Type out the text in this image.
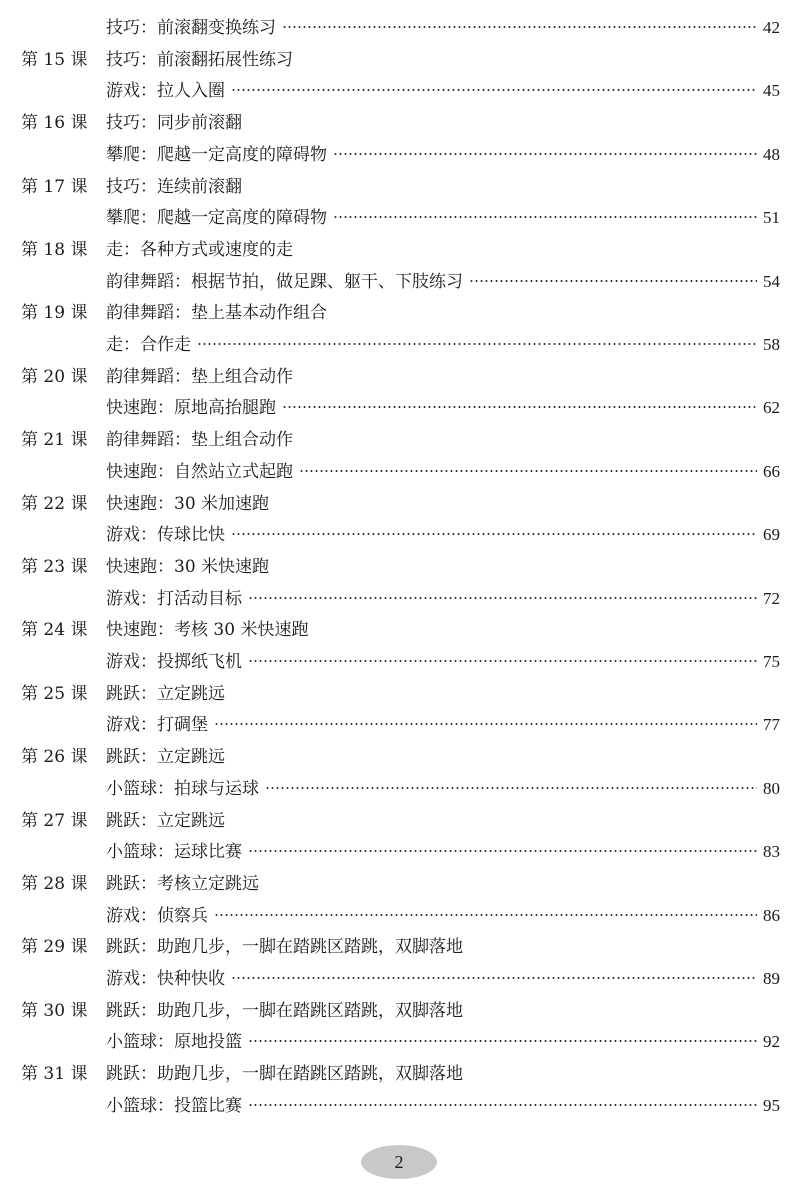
技巧：前滚翻变换练习	42
第 15 课 技巧：前滚翻拓展性练习
游戏：拉人入圈	45
第 16 课 技巧：同步前滚翻
攀爬：爬越一定高度的障碍物	48
第 17 课 技巧：连续前滚翻
攀爬：爬越一定高度的障碍物	51
第 18 课 走：各种方式或速度的走
韵律舞蹈：根据节拍，做足踝、躯干、下肢练习	54
第 19 课 韵律舞蹈：垫上基本动作组合
走：合作走	58
第 20 课 韵律舞蹈：垫上组合动作
快速跑：原地高抬腿跑	62
第 21 课 韵律舞蹈：垫上组合动作
快速跑：自然站立式起跑	66
第 22 课 快速跑：30 米加速跑
游戏：传球比快	69
第 23 课 快速跑：30 米快速跑
游戏：打活动目标	72
第 24 课 快速跑：考核 30 米快速跑
游戏：投掷纸飞机	75
第 25 课 跳跃：立定跳远
游戏：打碉堡	77
第 26 课 跳跃：立定跳远
小篮球：拍球与运球	80
第 27 课 跳跃：立定跳远
小篮球：运球比赛	83
第 28 课 跳跃：考核立定跳远
游戏：侦察兵	86
第 29 课 跳跃：助跑几步，一脚在踏跳区踏跳，双脚落地
游戏：快种快收	89
第 30 课 跳跃：助跑几步，一脚在踏跳区踏跳，双脚落地
小篮球：原地投篮	92
第 31 课 跳跃：助跑几步，一脚在踏跳区踏跳，双脚落地
小篮球：投篮比赛	95
2
